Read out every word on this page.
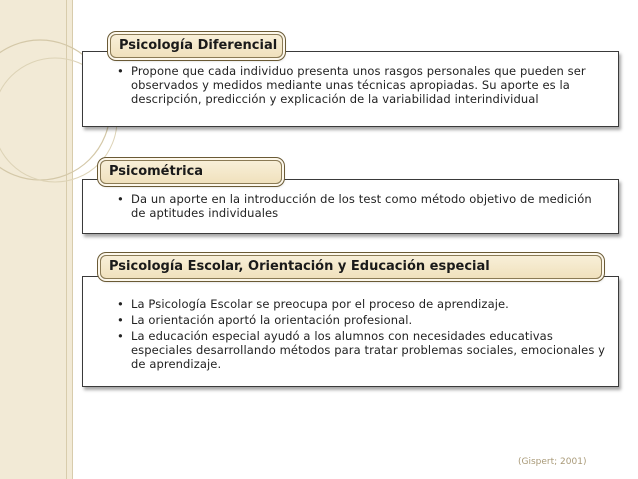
• Propone que cada individuo presenta unos rasgos personales que pueden ser observados y medidos mediante unas técnicas apropiadas. Su aporte es la descripción, predicción y explicación de la variabilidad interindividual
Psicología Diferencial
• Da un aporte en la introducción de los test como método objetivo de medición de aptitudes individuales
Psicométrica
• La Psicología Escolar se preocupa por el proceso de aprendizaje.
• La orientación aportó la orientación profesional.
• La educación especial ayudó a los alumnos con necesidades educativas especiales desarrollando métodos para tratar problemas sociales, emocionales y de aprendizaje.
Psicología Escolar, Orientación y Educación especial
(Gispert; 2001)
